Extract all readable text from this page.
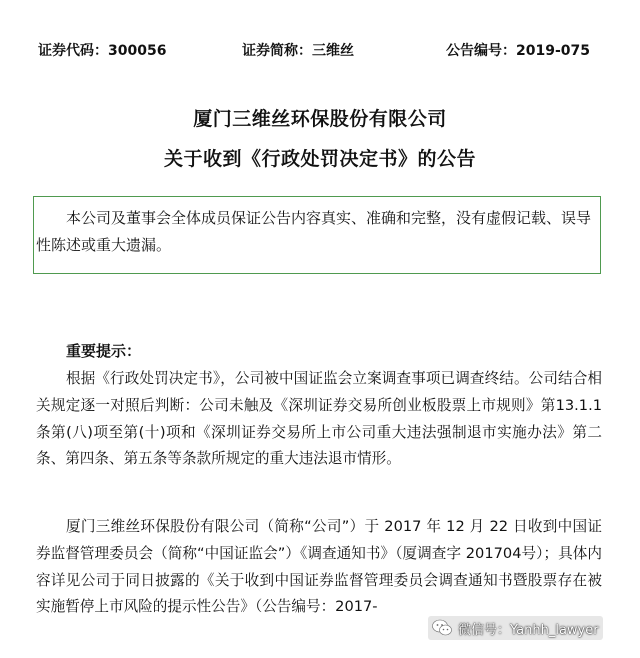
证券代码：300056	证券简称：三维丝	公告编号：2019-075
厦门三维丝环保股份有限公司
关于收到《行政处罚决定书》的公告
本公司及董事会全体成员保证公告内容真实、准确和完整，没有虚假记载、误导性陈述或重大遗漏。
重要提示：
根据《行政处罚决定书》，公司被中国证监会立案调查事项已调查终结。公司结合相关规定逐一对照后判断：公司未触及《深圳证券交易所创业板股票上市规则》第13.1.1条第(八)项至第(十)项和《深圳证券交易所上市公司重大违法强制退市实施办法》第二条、第四条、第五条等条款所规定的重大违法退市情形。
厦门三维丝环保股份有限公司（简称“公司”）于 2017 年 12 月 22 日收到中国证券监督管理委员会（简称“中国证监会”）《调查通知书》（厦调查字 201704号）；具体内容详见公司于同日披露的《关于收到中国证券监督管理委员会调查通知书暨股票存在被实施暂停上市风险的提示性公告》（公告编号：2017-
微信号：Yanhh_lawyer
